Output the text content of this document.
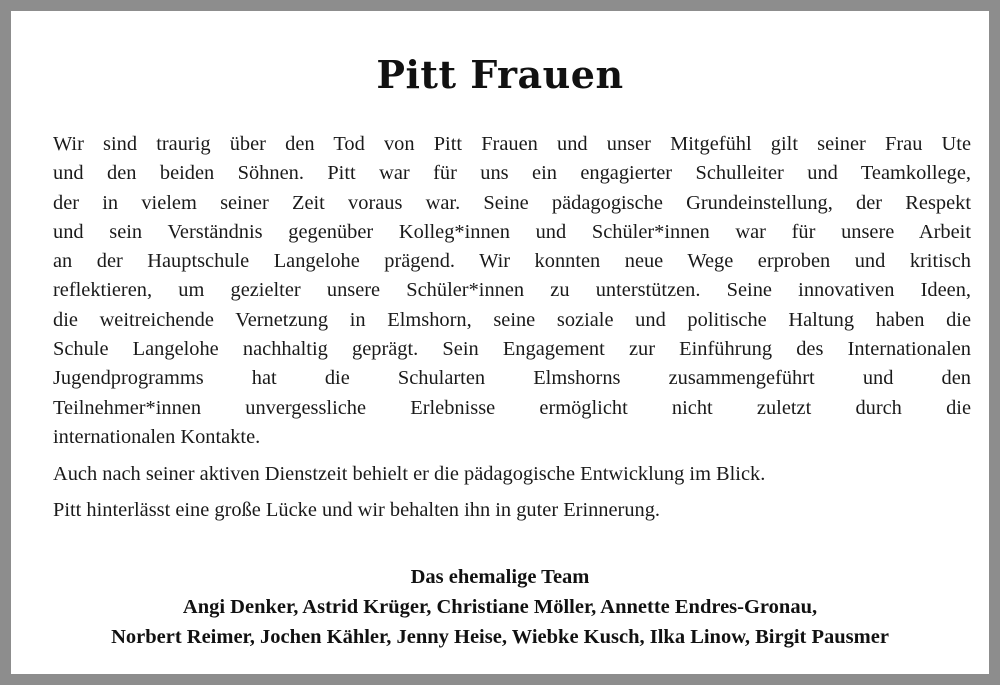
Pitt Frauen

Wir sind traurig über den Tod von Pitt Frauen und unser Mitgefühl gilt seiner Frau Ute
und den beiden Söhnen. Pitt war für uns ein engagierter Schulleiter und Teamkollege,
der in vielem seiner Zeit voraus war. Seine pädagogische Grundeinstellung, der Respekt
und sein Verständnis gegenüber Kolleg*innen und Schüler*innen war für unsere Arbeit
an der Hauptschule Langelohe prägend. Wir konnten neue Wege erproben und kritisch
reflektieren, um gezielter unsere Schüler*innen zu unterstützen. Seine innovativen Ideen,
die weitreichende Vernetzung in Elmshorn, seine soziale und politische Haltung haben die
Schule Langelohe nachhaltig geprägt. Sein Engagement zur Einführung des Internationalen
Jugendprogramms hat die Schularten Elmshorns zusammengeführt und den
Teilnehmer*innen unvergessliche Erlebnisse ermöglicht nicht zuletzt durch die
internationalen Kontakte.

Auch nach seiner aktiven Dienstzeit behielt er die pädagogische Entwicklung im Blick.

Pitt hinterlässt eine große Lücke und wir behalten ihn in guter Erinnerung.

Das ehemalige Team
Angi Denker, Astrid Krüger, Christiane Möller, Annette Endres-Gronau,
Norbert Reimer, Jochen Kähler, Jenny Heise, Wiebke Kusch, Ilka Linow, Birgit Pausmer
